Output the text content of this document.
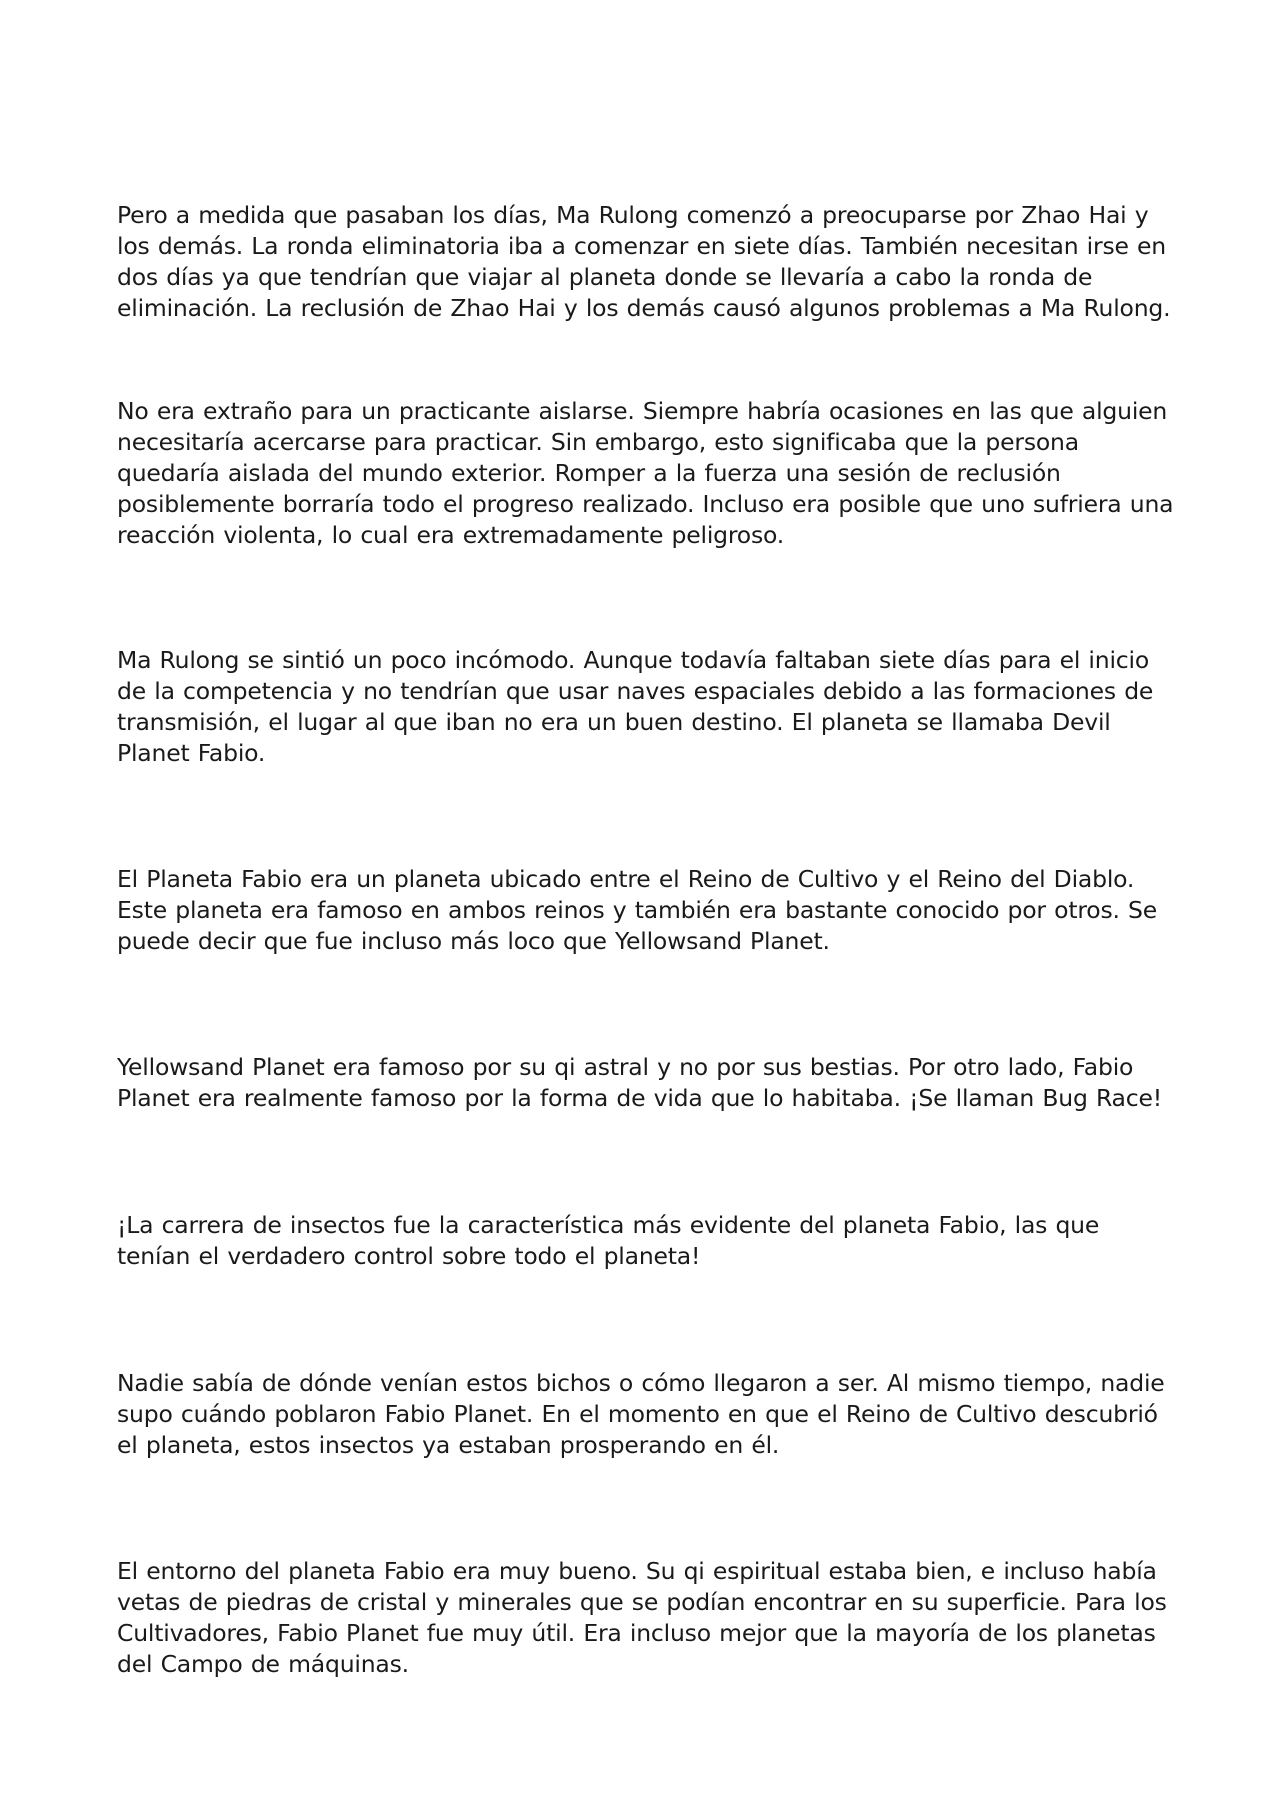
Pero a medida que pasaban los días, Ma Rulong comenzó a preocuparse por Zhao Hai y los demás. La ronda eliminatoria iba a comenzar en siete días. También necesitan irse en dos días ya que tendrían que viajar al planeta donde se llevaría a cabo la ronda de eliminación. La reclusión de Zhao Hai y los demás causó algunos problemas a Ma Rulong.

No era extraño para un practicante aislarse. Siempre habría ocasiones en las que alguien necesitaría acercarse para practicar. Sin embargo, esto significaba que la persona quedaría aislada del mundo exterior. Romper a la fuerza una sesión de reclusión posiblemente borraría todo el progreso realizado. Incluso era posible que uno sufriera una reacción violenta, lo cual era extremadamente peligroso.

Ma Rulong se sintió un poco incómodo. Aunque todavía faltaban siete días para el inicio de la competencia y no tendrían que usar naves espaciales debido a las formaciones de transmisión, el lugar al que iban no era un buen destino. El planeta se llamaba Devil Planet Fabio.

El Planeta Fabio era un planeta ubicado entre el Reino de Cultivo y el Reino del Diablo. Este planeta era famoso en ambos reinos y también era bastante conocido por otros. Se puede decir que fue incluso más loco que Yellowsand Planet.

Yellowsand Planet era famoso por su qi astral y no por sus bestias. Por otro lado, Fabio Planet era realmente famoso por la forma de vida que lo habitaba. ¡Se llaman Bug Race!

¡La carrera de insectos fue la característica más evidente del planeta Fabio, las que tenían el verdadero control sobre todo el planeta!

Nadie sabía de dónde venían estos bichos o cómo llegaron a ser. Al mismo tiempo, nadie supo cuándo poblaron Fabio Planet. En el momento en que el Reino de Cultivo descubrió el planeta, estos insectos ya estaban prosperando en él.

El entorno del planeta Fabio era muy bueno. Su qi espiritual estaba bien, e incluso había vetas de piedras de cristal y minerales que se podían encontrar en su superficie. Para los Cultivadores, Fabio Planet fue muy útil. Era incluso mejor que la mayoría de los planetas del Campo de máquinas.
